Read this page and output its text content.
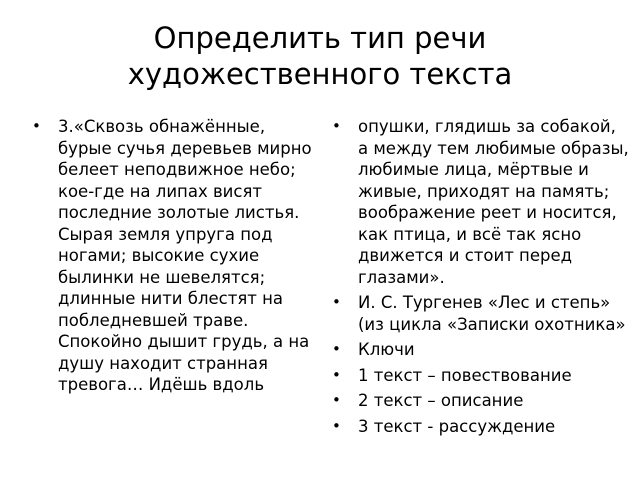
Определить тип речи
художественного текста
• 3.«Сквозь обнажённые, бурые сучья деревьев мирно белеет неподвижное небо; кое-где на липах висят последние золотые листья. Сырая земля упруга под ногами; высокие сухие былинки не шевелятся; длинные нити блестят на побледневшей траве. Спокойно дышит грудь, а на душу находит странная тревога… Идёшь вдоль
• опушки, глядишь за собакой, а между тем любимые образы, любимые лица, мёртвые и живые, приходят на память; воображение реет и носится, как птица, и всё так ясно движется и стоит перед глазами».
• И. С. Тургенев «Лес и степь» (из цикла «Записки охотника»
• Ключи
• 1 текст – повествование
• 2 текст – описание
• 3 текст - рассуждение
